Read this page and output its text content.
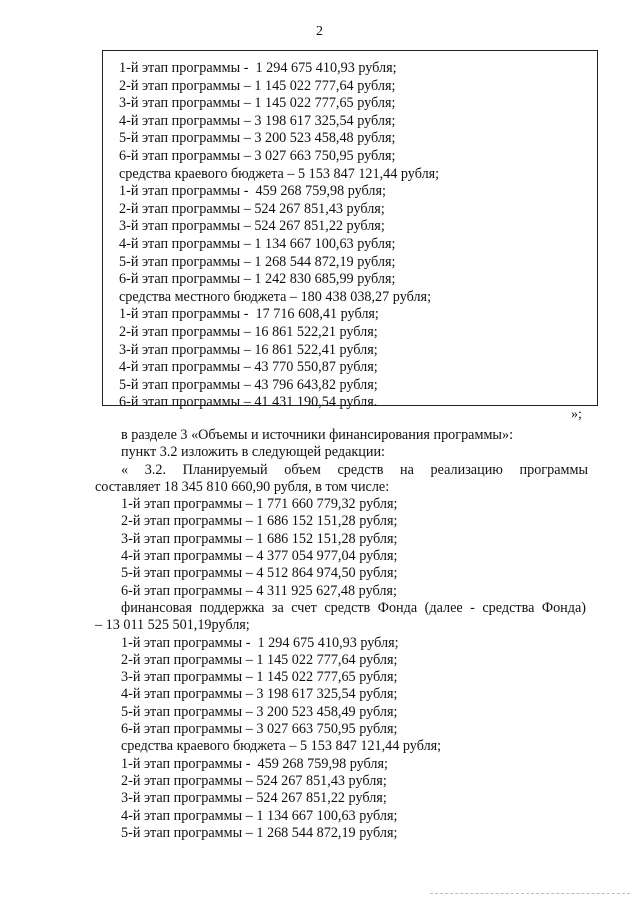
2
1-й этап программы -  1 294 675 410,93 рубля;
2-й этап программы – 1 145 022 777,64 рубля;
3-й этап программы – 1 145 022 777,65 рубля;
4-й этап программы – 3 198 617 325,54 рубля;
5-й этап программы – 3 200 523 458,48 рубля;
6-й этап программы – 3 027 663 750,95 рубля;
средства краевого бюджета – 5 153 847 121,44 рубля;
1-й этап программы -  459 268 759,98 рубля;
2-й этап программы – 524 267 851,43 рубля;
3-й этап программы – 524 267 851,22 рубля;
4-й этап программы – 1 134 667 100,63 рубля;
5-й этап программы – 1 268 544 872,19 рубля;
6-й этап программы – 1 242 830 685,99 рубля;
средства местного бюджета – 180 438 038,27 рубля;
1-й этап программы -  17 716 608,41 рубля;
2-й этап программы – 16 861 522,21 рубля;
3-й этап программы – 16 861 522,41 рубля;
4-й этап программы – 43 770 550,87 рубля;
5-й этап программы – 43 796 643,82 рубля;
6-й этап программы – 41 431 190,54 рубля.
»;
в разделе 3 «Объемы и источники финансирования программы»:
пункт 3.2 изложить в следующей редакции:
« 3.2. Планируемый объем средств на реализацию программы
составляет 18 345 810 660,90 рубля, в том числе:
1-й этап программы – 1 771 660 779,32 рубля;
2-й этап программы – 1 686 152 151,28 рубля;
3-й этап программы – 1 686 152 151,28 рубля;
4-й этап программы – 4 377 054 977,04 рубля;
5-й этап программы – 4 512 864 974,50 рубля;
6-й этап программы – 4 311 925 627,48 рубля;
финансовая поддержка за счет средств Фонда (далее - средства Фонда)
– 13 011 525 501,19рубля;
1-й этап программы -  1 294 675 410,93 рубля;
2-й этап программы – 1 145 022 777,64 рубля;
3-й этап программы – 1 145 022 777,65 рубля;
4-й этап программы – 3 198 617 325,54 рубля;
5-й этап программы – 3 200 523 458,49 рубля;
6-й этап программы – 3 027 663 750,95 рубля;
средства краевого бюджета – 5 153 847 121,44 рубля;
1-й этап программы -  459 268 759,98 рубля;
2-й этап программы – 524 267 851,43 рубля;
3-й этап программы – 524 267 851,22 рубля;
4-й этап программы – 1 134 667 100,63 рубля;
5-й этап программы – 1 268 544 872,19 рубля;
